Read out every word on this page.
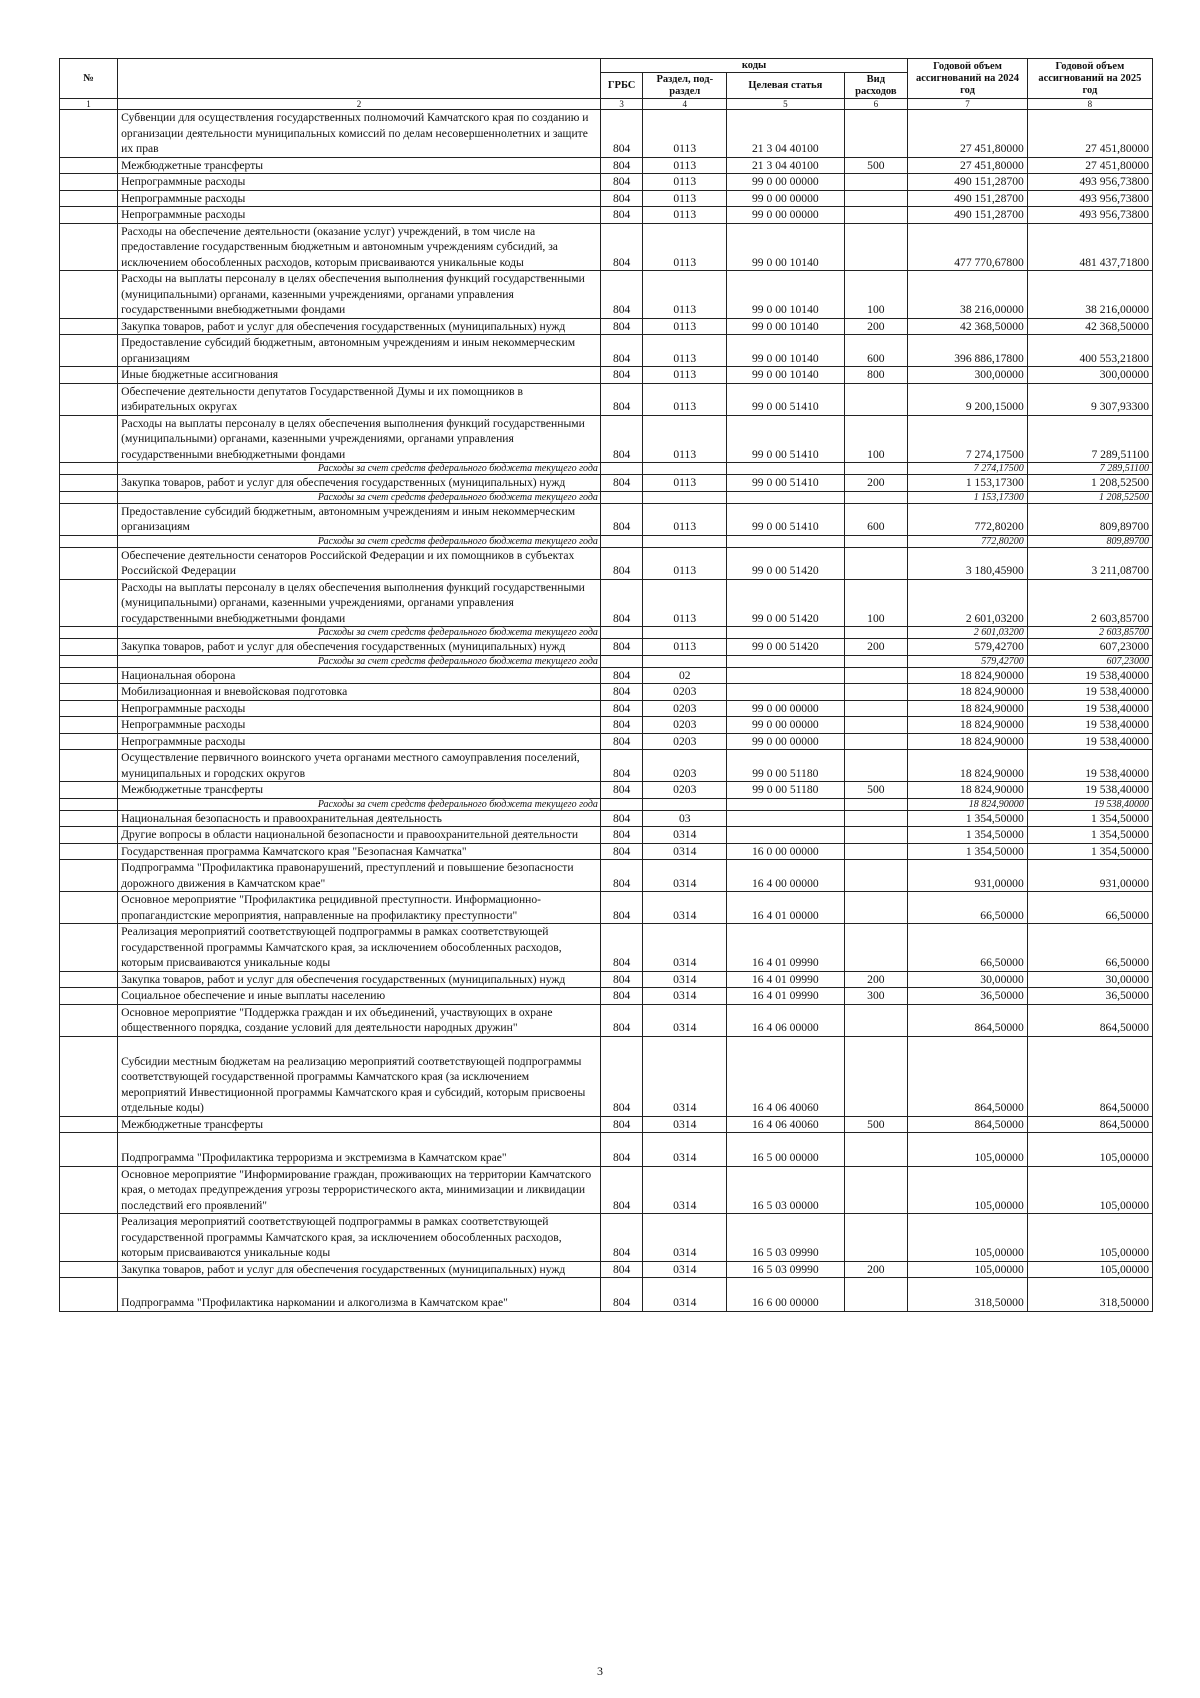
№		коды				Годовой объем ассигнований на 2024 год	Годовой объем ассигнований на 2025 год
		ГРБС	Раздел, под-раздел	Целевая статья	Вид расходов		
1	2	3	4	5	6	7	8
	Субвенции для осуществления государственных полномочий Камчатского края по созданию и организации деятельности муниципальных комиссий по делам несовершеннолетних и защите их прав	804	0113	21 3 04 40100		27 451,80000	27 451,80000
	Межбюджетные трансферты	804	0113	21 3 04 40100	500	27 451,80000	27 451,80000
	Непрограммные расходы	804	0113	99 0 00 00000		490 151,28700	493 956,73800
	Непрограммные расходы	804	0113	99 0 00 00000		490 151,28700	493 956,73800
	Непрограммные расходы	804	0113	99 0 00 00000		490 151,28700	493 956,73800
	Расходы на обеспечение деятельности (оказание услуг) учреждений, в том числе на предоставление государственным бюджетным и автономным учреждениям субсидий, за исключением обособленных расходов, которым присваиваются уникальные коды	804	0113	99 0 00 10140		477 770,67800	481 437,71800
	Расходы на выплаты персоналу в целях обеспечения выполнения функций государственными (муниципальными) органами, казенными учреждениями, органами управления государственными внебюджетными фондами	804	0113	99 0 00 10140	100	38 216,00000	38 216,00000
	Закупка товаров, работ и услуг для обеспечения государственных (муниципальных) нужд	804	0113	99 0 00 10140	200	42 368,50000	42 368,50000
	Предоставление субсидий бюджетным, автономным учреждениям и иным некоммерческим организациям	804	0113	99 0 00 10140	600	396 886,17800	400 553,21800
	Иные бюджетные ассигнования	804	0113	99 0 00 10140	800	300,00000	300,00000
	Обеспечение деятельности депутатов Государственной Думы и их помощников в избирательных округах	804	0113	99 0 00 51410		9 200,15000	9 307,93300
	Расходы на выплаты персоналу в целях обеспечения выполнения функций государственными (муниципальными) органами, казенными учреждениями, органами управления государственными внебюджетными фондами	804	0113	99 0 00 51410	100	7 274,17500	7 289,51100
	Расходы за счет средств федерального бюджета текущего года					7 274,17500	7 289,51100
	Закупка товаров, работ и услуг для обеспечения государственных (муниципальных) нужд	804	0113	99 0 00 51410	200	1 153,17300	1 208,52500
	Расходы за счет средств федерального бюджета текущего года					1 153,17300	1 208,52500
	Предоставление субсидий бюджетным, автономным учреждениям и иным некоммерческим организациям	804	0113	99 0 00 51410	600	772,80200	809,89700
	Расходы за счет средств федерального бюджета текущего года					772,80200	809,89700
	Обеспечение деятельности сенаторов Российской Федерации и их помощников в субъектах Российской Федерации	804	0113	99 0 00 51420		3 180,45900	3 211,08700
	Расходы на выплаты персоналу в целях обеспечения выполнения функций государственными (муниципальными) органами, казенными учреждениями, органами управления государственными внебюджетными фондами	804	0113	99 0 00 51420	100	2 601,03200	2 603,85700
	Расходы за счет средств федерального бюджета текущего года					2 601,03200	2 603,85700
	Закупка товаров, работ и услуг для обеспечения государственных (муниципальных) нужд	804	0113	99 0 00 51420	200	579,42700	607,23000
	Расходы за счет средств федерального бюджета текущего года					579,42700	607,23000
	Национальная оборона	804	02			18 824,90000	19 538,40000
	Мобилизационная и вневойсковая подготовка	804	0203			18 824,90000	19 538,40000
	Непрограммные расходы	804	0203	99 0 00 00000		18 824,90000	19 538,40000
	Непрограммные расходы	804	0203	99 0 00 00000		18 824,90000	19 538,40000
	Непрограммные расходы	804	0203	99 0 00 00000		18 824,90000	19 538,40000
	Осуществление первичного воинского учета органами местного самоуправления поселений, муниципальных и городских округов	804	0203	99 0 00 51180		18 824,90000	19 538,40000
	Межбюджетные трансферты	804	0203	99 0 00 51180	500	18 824,90000	19 538,40000
	Расходы за счет средств федерального бюджета текущего года					18 824,90000	19 538,40000
	Национальная безопасность и правоохранительная деятельность	804	03			1 354,50000	1 354,50000
	Другие вопросы в области национальной безопасности и правоохранительной деятельности	804	0314			1 354,50000	1 354,50000
	Государственная программа Камчатского края "Безопасная Камчатка"	804	0314	16 0 00 00000		1 354,50000	1 354,50000
	Подпрограмма "Профилактика правонарушений, преступлений и повышение безопасности дорожного движения в Камчатском крае"	804	0314	16 4 00 00000		931,00000	931,00000
	Основное мероприятие "Профилактика рецидивной преступности. Информационно-пропагандистские мероприятия, направленные на профилактику преступности"	804	0314	16 4 01 00000		66,50000	66,50000
	Реализация мероприятий соответствующей подпрограммы в рамках соответствующей государственной программы Камчатского края, за исключением обособленных расходов, которым присваиваются уникальные коды	804	0314	16 4 01 09990		66,50000	66,50000
	Закупка товаров, работ и услуг для обеспечения государственных (муниципальных) нужд	804	0314	16 4 01 09990	200	30,00000	30,00000
	Социальное обеспечение и иные выплаты населению	804	0314	16 4 01 09990	300	36,50000	36,50000
	Основное мероприятие "Поддержка граждан и их объединений, участвующих в охране общественного порядка, создание условий для деятельности народных дружин"	804	0314	16 4 06 00000		864,50000	864,50000
	Субсидии местным бюджетам на реализацию мероприятий соответствующей подпрограммы соответствующей государственной программы Камчатского края (за исключением мероприятий Инвестиционной программы Камчатского края и субсидий, которым присвоены отдельные коды)	804	0314	16 4 06 40060		864,50000	864,50000
	Межбюджетные трансферты	804	0314	16 4 06 40060	500	864,50000	864,50000
	Подпрограмма "Профилактика терроризма и экстремизма в Камчатском крае"	804	0314	16 5 00 00000		105,00000	105,00000
	Основное мероприятие "Информирование граждан, проживающих на территории Камчатского края, о методах предупреждения угрозы террористического акта, минимизации и ликвидации последствий его проявлений"	804	0314	16 5 03 00000		105,00000	105,00000
	Реализация мероприятий соответствующей подпрограммы в рамках соответствующей государственной программы Камчатского края, за исключением обособленных расходов, которым присваиваются уникальные коды	804	0314	16 5 03 09990		105,00000	105,00000
	Закупка товаров, работ и услуг для обеспечения государственных (муниципальных) нужд	804	0314	16 5 03 09990	200	105,00000	105,00000
	Подпрограмма "Профилактика наркомании и алкоголизма в Камчатском крае"	804	0314	16 6 00 00000		318,50000	318,50000
3
